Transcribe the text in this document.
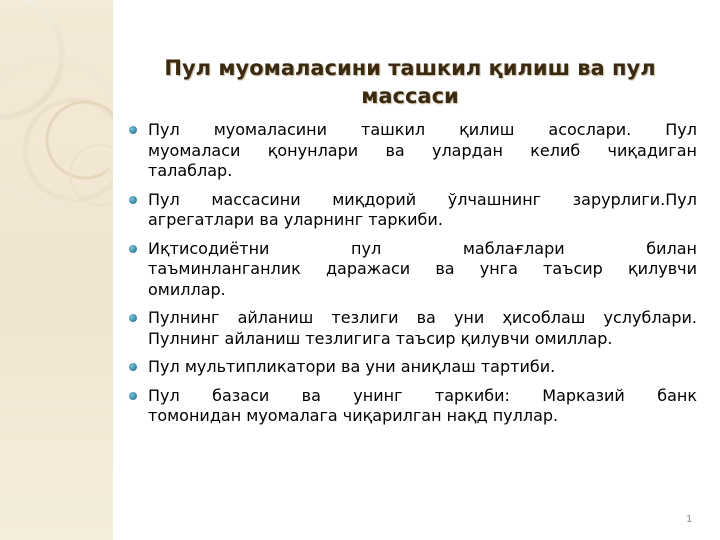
Пул муомаласини ташкил қилиш ва пул
массаси
Пул муомаласини ташкил қилиш асослари. Пул
муомаласи қонунлари ва улардан келиб чиқадиган
талаблар.
Пул массасини миқдорий ўлчашнинг зарурлиги.Пул
агрегатлари ва уларнинг таркиби.
Иқтисодиётни пул маблағлари билан
таъминланганлик даражаси ва унга таъсир қилувчи
омиллар.
Пулнинг айланиш тезлиги ва уни ҳисоблаш услублари.
Пулнинг айланиш тезлигига таъсир қилувчи омиллар.
Пул мультипликатори ва уни аниқлаш тартиби.
Пул базаси ва унинг таркиби: Марказий банк
томонидан муомалага чиқарилган нақд пуллар.
1
